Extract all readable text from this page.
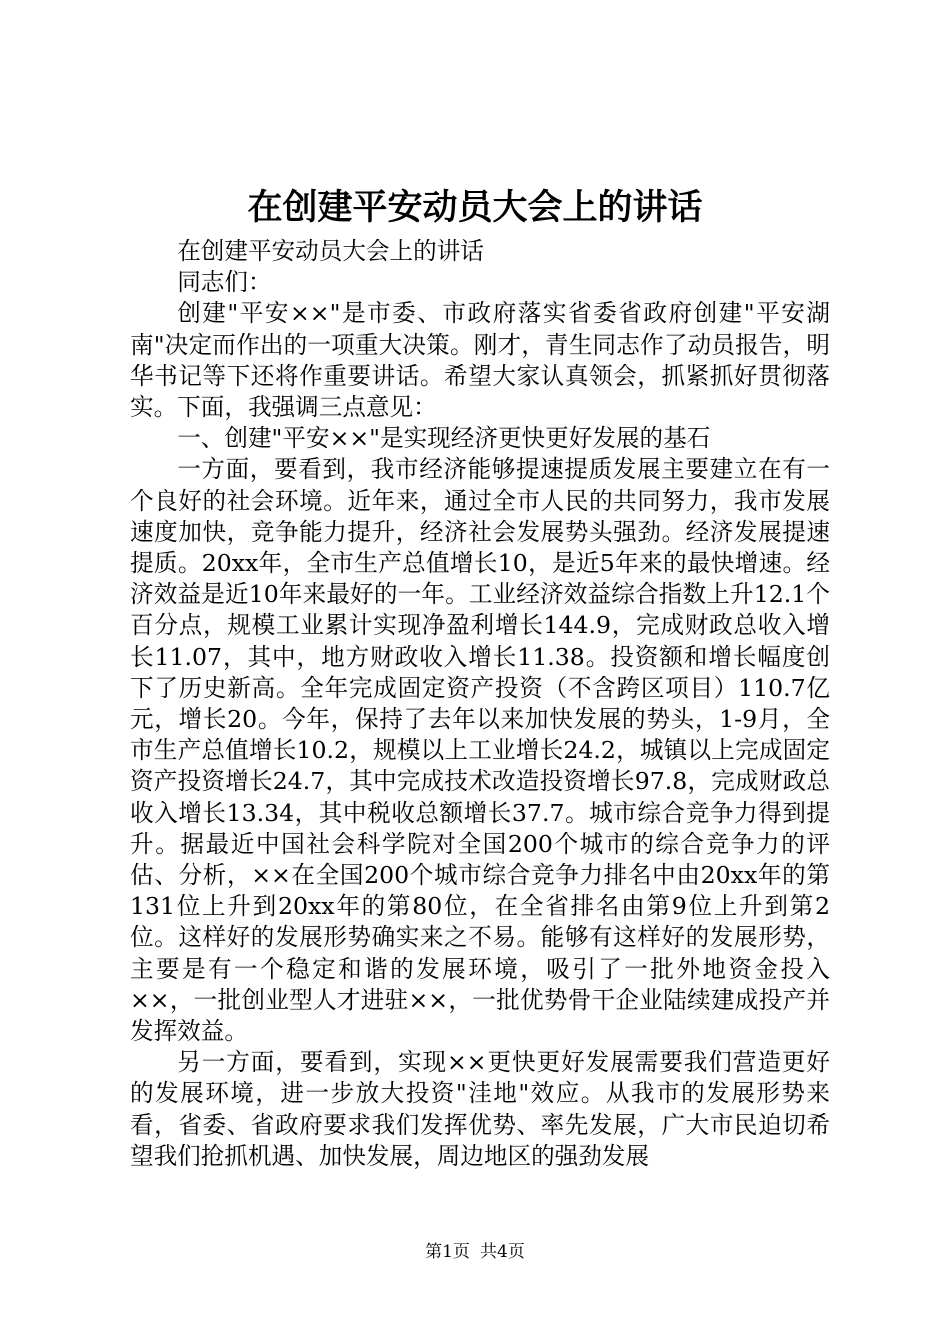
在创建平安动员大会上的讲话

在创建平安动员大会上的讲话

同志们：

创建"平安××"是市委、市政府落实省委省政府创建"平安湖南"决定而作出的一项重大决策。刚才，青生同志作了动员报告，明华书记等下还将作重要讲话。希望大家认真领会，抓紧抓好贯彻落实。下面，我强调三点意见：

一、创建"平安××"是实现经济更快更好发展的基石

一方面，要看到，我市经济能够提速提质发展主要建立在有一个良好的社会环境。近年来，通过全市人民的共同努力，我市发展速度加快，竞争能力提升，经济社会发展势头强劲。经济发展提速提质。20xx年，全市生产总值增长10，是近5年来的最快增速。经济效益是近10年来最好的一年。工业经济效益综合指数上升12.1个百分点，规模工业累计实现净盈利增长144.9，完成财政总收入增长11.07，其中，地方财政收入增长11.38。投资额和增长幅度创下了历史新高。全年完成固定资产投资（不含跨区项目）110.7亿元，增长20。今年，保持了去年以来加快发展的势头，1-9月，全市生产总值增长10.2，规模以上工业增长24.2，城镇以上完成固定资产投资增长24.7，其中完成技术改造投资增长97.8，完成财政总收入增长13.34，其中税收总额增长37.7。城市综合竞争力得到提升。据最近中国社会科学院对全国200个城市的综合竞争力的评估、分析，××在全国200个城市综合竞争力排名中由20xx年的第131位上升到20xx年的第80位，在全省排名由第9位上升到第2位。这样好的发展形势确实来之不易。能够有这样好的发展形势，主要是有一个稳定和谐的发展环境，吸引了一批外地资金投入××，一批创业型人才进驻××，一批优势骨干企业陆续建成投产并发挥效益。

另一方面，要看到，实现××更快更好发展需要我们营造更好的发展环境，进一步放大投资"洼地"效应。从我市的发展形势来看，省委、省政府要求我们发挥优势、率先发展，广大市民迫切希望我们抢抓机遇、加快发展，周边地区的强劲发展

第1页 共4页
